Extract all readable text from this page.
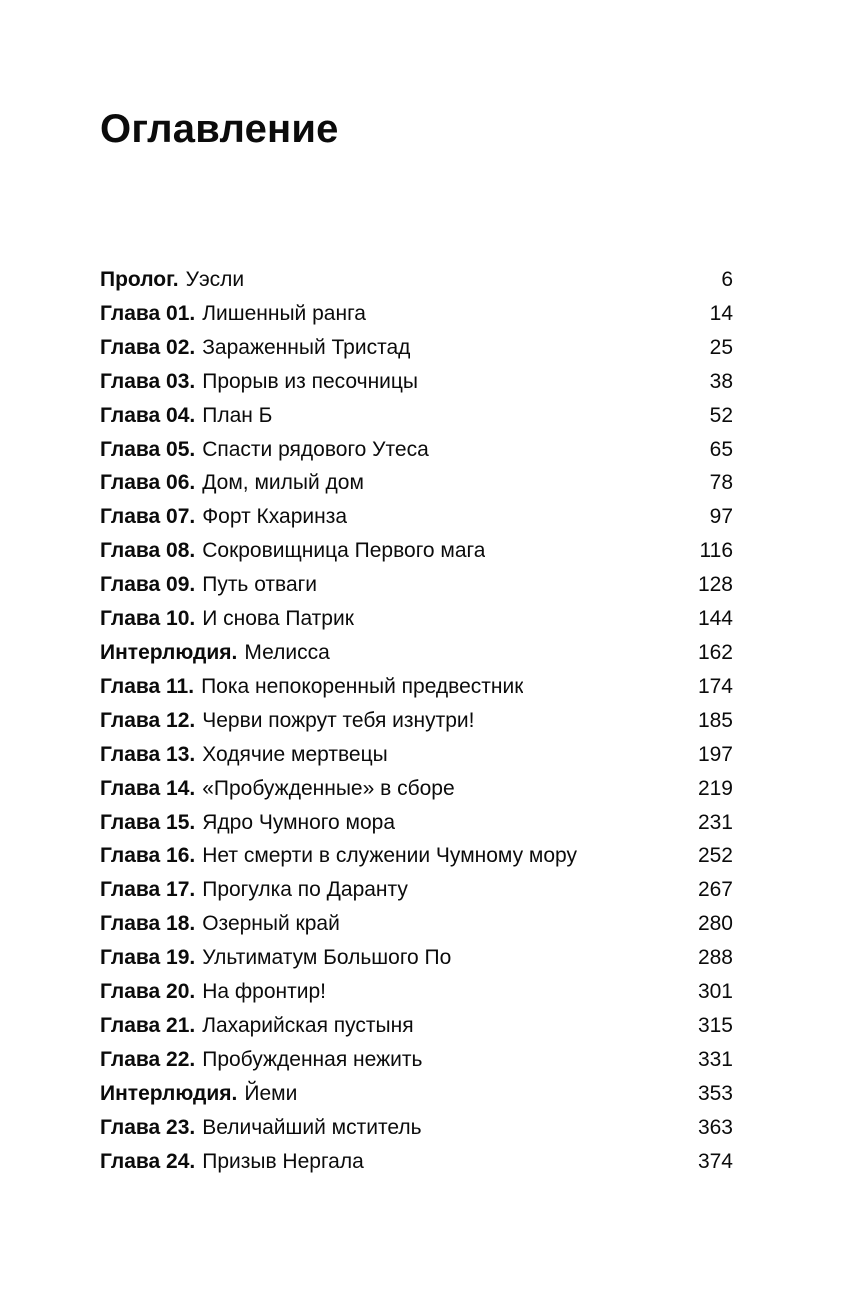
Оглавление
Пролог. Уэсли	6
Глава 01. Лишенный ранга	14
Глава 02. Зараженный Тристад	25
Глава 03. Прорыв из песочницы	38
Глава 04. План Б	52
Глава 05. Спасти рядового Утеса	65
Глава 06. Дом, милый дом	78
Глава 07. Форт Кхаринза	97
Глава 08. Сокровищница Первого мага	116
Глава 09. Путь отваги	128
Глава 10. И снова Патрик	144
Интерлюдия. Мелисса	162
Глава 11. Пока непокоренный предвестник	174
Глава 12. Черви пожрут тебя изнутри!	185
Глава 13. Ходячие мертвецы	197
Глава 14. «Пробужденные» в сборе	219
Глава 15. Ядро Чумного мора	231
Глава 16. Нет смерти в служении Чумному мору	252
Глава 17. Прогулка по Даранту	267
Глава 18. Озерный край	280
Глава 19. Ультиматум Большого По	288
Глава 20. На фронтир!	301
Глава 21. Лахарийская пустыня	315
Глава 22. Пробужденная нежить	331
Интерлюдия. Йеми	353
Глава 23. Величайший мститель	363
Глава 24. Призыв Нергала	374
